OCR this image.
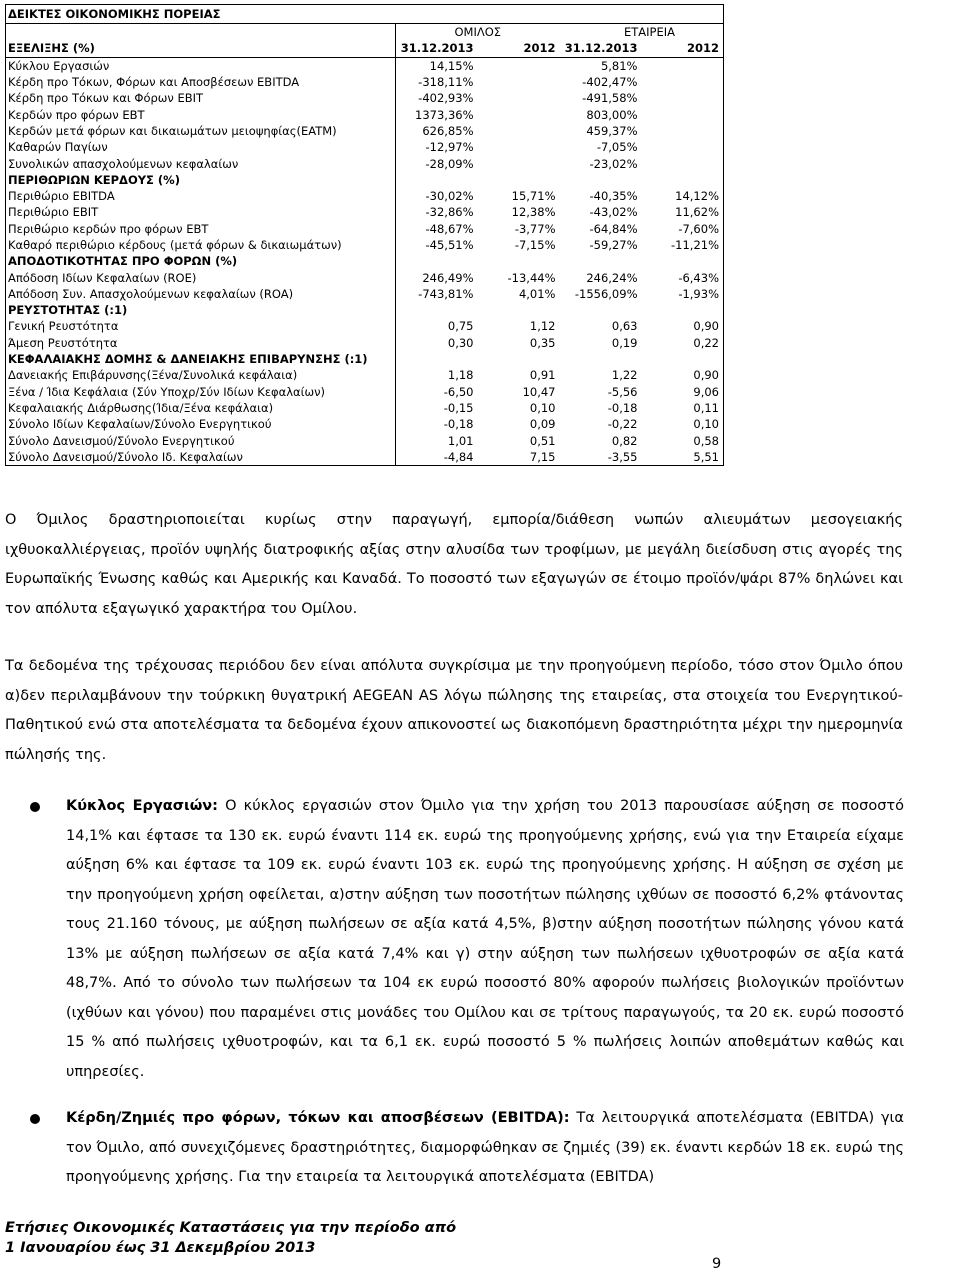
ΔΕΙΚΤΕΣ ΟΙΚΟΝΟΜΙΚΗΣ ΠΟΡΕΙΑΣ				
	ΟΜΙΛΟΣ		ΕΤΑΙΡΕΙΑ	
ΕΞΕΛΙΞΗΣ (%)	31.12.2013	2012	31.12.2013	2012
Κύκλου Εργασιών	14,15%		5,81%	
Κέρδη προ Τόκων, Φόρων και Αποσβέσεων EBITDA	-318,11%		-402,47%	
Κέρδη προ Τόκων και Φόρων EBIT	-402,93%		-491,58%	
Κερδών προ φόρων EBT	1373,36%		803,00%	
Κερδών μετά φόρων και δικαιωμάτων μειοψηφίας(EATM)	626,85%		459,37%	
Καθαρών Παγίων	-12,97%		-7,05%	
Συνολικών απασχολούμενων κεφαλαίων	-28,09%		-23,02%	
ΠΕΡΙΘΩΡΙΩΝ ΚΕΡΔΟΥΣ (%)				
Περιθώριο EBITDA	-30,02%	15,71%	-40,35%	14,12%
Περιθώριο EBIT	-32,86%	12,38%	-43,02%	11,62%
Περιθώριο κερδών προ φόρων EBT	-48,67%	-3,77%	-64,84%	-7,60%
Καθαρό περιθώριο κέρδους (μετά φόρων & δικαιωμάτων)	-45,51%	-7,15%	-59,27%	-11,21%
ΑΠΟΔΟΤΙΚΟΤΗΤΑΣ ΠΡΟ ΦΟΡΩΝ (%)				
Απόδοση Ιδίων Κεφαλαίων (ROE)	246,49%	-13,44%	246,24%	-6,43%
Απόδοση Συν. Απασχολούμενων κεφαλαίων (ROA)	-743,81%	4,01%	-1556,09%	-1,93%
ΡΕΥΣΤΟΤΗΤΑΣ (:1)				
Γενική Ρευστότητα	0,75	1,12	0,63	0,90
Άμεση Ρευστότητα	0,30	0,35	0,19	0,22
ΚΕΦΑΛΑΙΑΚΗΣ ΔΟΜΗΣ & ΔΑΝΕΙΑΚΗΣ ΕΠΙΒΑΡΥΝΣΗΣ (:1)				
Δανειακής Επιβάρυνσης(Ξένα/Συνολικά κεφάλαια)	1,18	0,91	1,22	0,90
Ξένα / Ίδια Κεφάλαια (Σύν Υποχρ/Σύν Ιδίων Κεφαλαίων)	-6,50	10,47	-5,56	9,06
Κεφαλαιακής Διάρθωσης(Ίδια/Ξένα κεφάλαια)	-0,15	0,10	-0,18	0,11
Σύνολο Ιδίων Κεφαλαίων/Σύνολο Ενεργητικού	-0,18	0,09	-0,22	0,10
Σύνολο Δανεισμού/Σύνολο Ενεργητικού	1,01	0,51	0,82	0,58
Σύνολο Δανεισμού/Σύνολο Ιδ. Κεφαλαίων	-4,84	7,15	-3,55	5,51

Ο Όμιλος δραστηριοποιείται κυρίως στην παραγωγή, εμπορία/διάθεση νωπών αλιευμάτων μεσογειακής ιχθυοκαλλιέργειας, προϊόν υψηλής διατροφικής αξίας στην αλυσίδα των τροφίμων, με μεγάλη διείσδυση στις αγορές της Ευρωπαϊκής Ένωσης καθώς και Αμερικής και Καναδά. Το ποσοστό των εξαγωγών σε έτοιμο προϊόν/ψάρι 87% δηλώνει και τον απόλυτα εξαγωγικό χαρακτήρα του Ομίλου.

Τα δεδομένα της τρέχουσας περιόδου δεν είναι απόλυτα συγκρίσιμα με την προηγούμενη περίοδο, τόσο στον Όμιλο όπου α)δεν περιλαμβάνουν την τούρκικη θυγατρική AEGEAN AS λόγω πώλησης της εταιρείας, στα στοιχεία του Ενεργητικού-Παθητικού ενώ στα αποτελέσματα τα δεδομένα έχουν απικονοστεί ως διακοπόμενη δραστηριότητα μέχρι την ημερομηνία πώλησής της.

Κύκλος Εργασιών: Ο κύκλος εργασιών στον Όμιλο για την χρήση του 2013 παρουσίασε αύξηση σε ποσοστό 14,1% και έφτασε τα 130 εκ. ευρώ έναντι 114 εκ. ευρώ της προηγούμενης χρήσης, ενώ για την Εταιρεία είχαμε αύξηση 6% και έφτασε τα 109 εκ. ευρώ έναντι 103 εκ. ευρώ της προηγούμενης χρήσης. Η αύξηση σε σχέση με την προηγούμενη χρήση οφείλεται, α)στην αύξηση των ποσοτήτων πώλησης ιχθύων σε ποσοστό 6,2% φτάνοντας τους 21.160 τόνους, με αύξηση πωλήσεων σε αξία κατά 4,5%, β)στην αύξηση ποσοτήτων πώλησης γόνου κατά 13% με αύξηση πωλήσεων σε αξία κατά 7,4% και γ) στην αύξηση των πωλήσεων ιχθυοτροφών σε αξία κατά 48,7%. Από το σύνολο των πωλήσεων τα 104 εκ ευρώ ποσοστό 80% αφορούν πωλήσεις βιολογικών προϊόντων (ιχθύων και γόνου) που παραμένει στις μονάδες του Ομίλου και σε τρίτους παραγωγούς, τα 20 εκ. ευρώ ποσοστό 15 % από πωλήσεις ιχθυοτροφών, και τα 6,1 εκ. ευρώ ποσοστό 5 % πωλήσεις λοιπών αποθεμάτων καθώς και υπηρεσίες.

Κέρδη/Ζημιές προ φόρων, τόκων και αποσβέσεων (EBITDA): Τα λειτουργικά αποτελέσματα (EBITDA) για τον Όμιλο, από συνεχιζόμενες δραστηριότητες, διαμορφώθηκαν σε ζημιές (39) εκ. έναντι κερδών 18 εκ. ευρώ της προηγούμενης χρήσης. Για την εταιρεία τα λειτουργικά αποτελέσματα (EBITDA)

Ετήσιες Οικονομικές Καταστάσεις για την περίοδο από
1 Ιανουαρίου έως 31 Δεκεμβρίου 2013
9
